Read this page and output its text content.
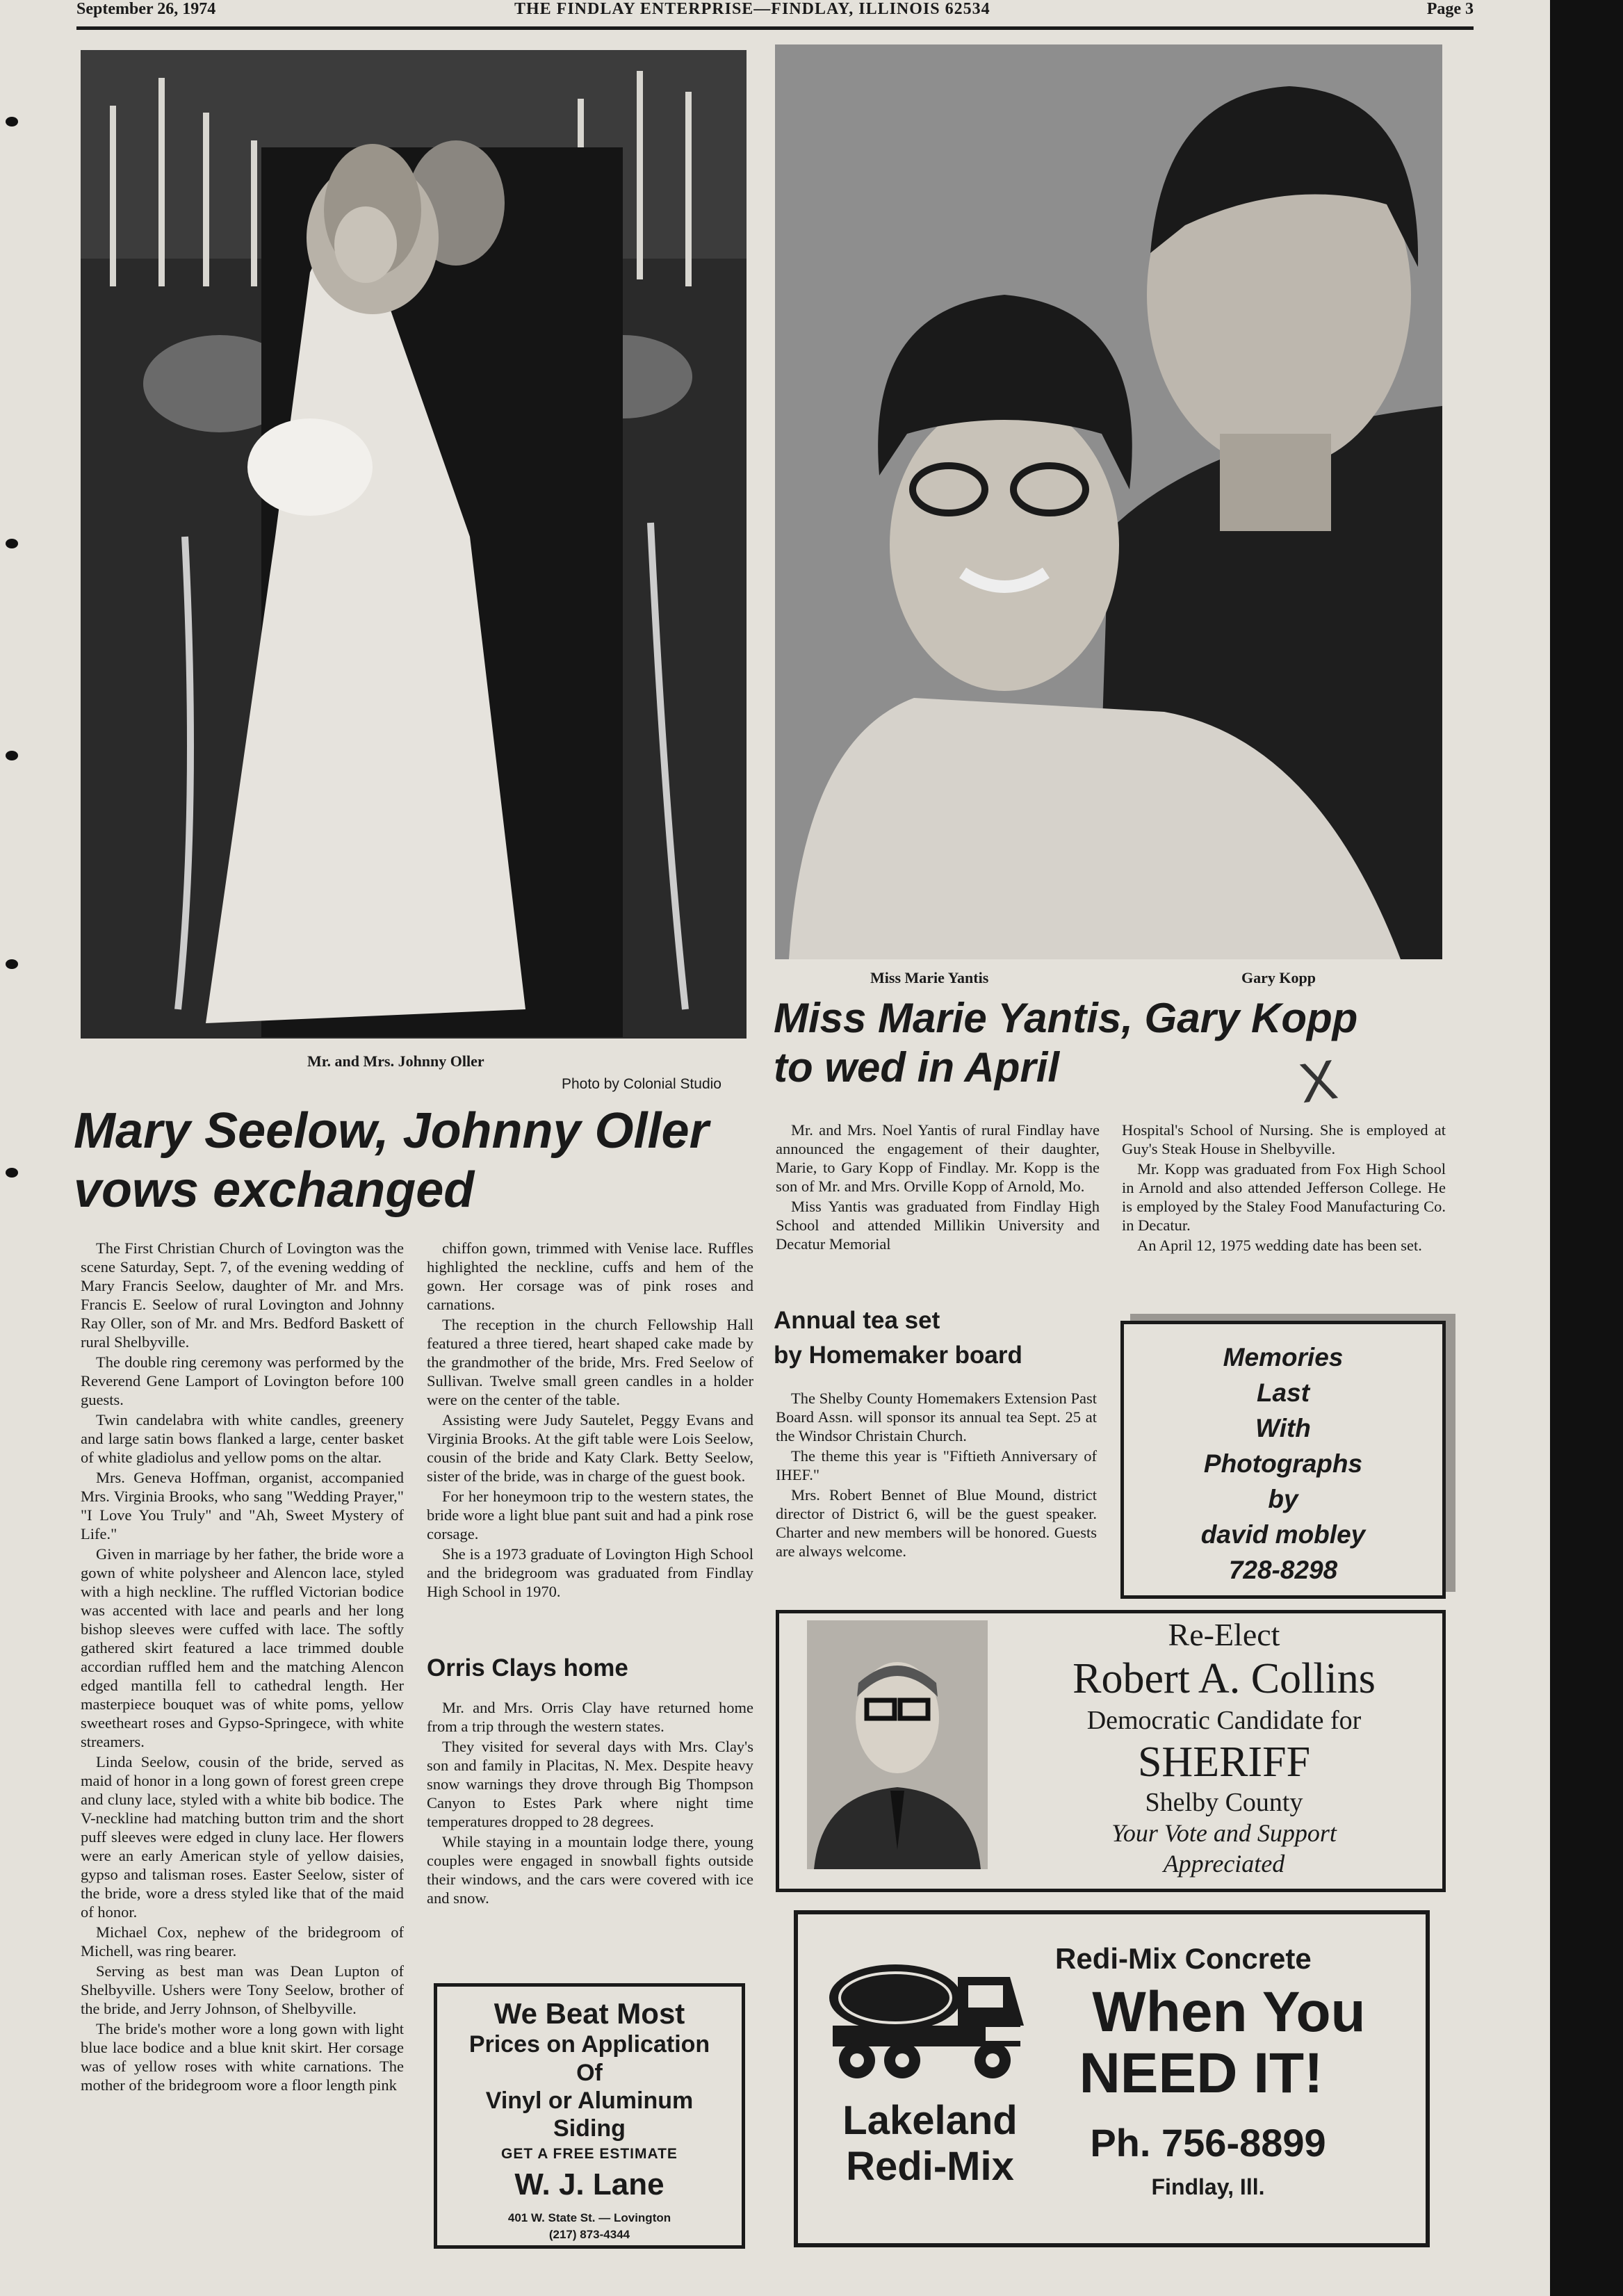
September 26, 1974	THE FINDLAY ENTERPRISE—FINDLAY, ILLINOIS 62534	Page 3
Mr. and Mrs. Johnny Oller
Photo by Colonial Studio
Mary Seelow, Johnny Oller vows exchanged

The First Christian Church of Lovington was the scene Saturday, Sept. 7, of the evening wedding of Mary Francis Seelow, daughter of Mr. and Mrs. Francis E. Seelow of rural Lovington and Johnny Ray Oller, son of Mr. and Mrs. Bedford Baskett of rural Shelbyville.

The double ring ceremony was performed by the Reverend Gene Lamport of Lovington before 100 guests.

Twin candelabra with white candles, greenery and large satin bows flanked a large, center basket of white gladiolus and yellow poms on the altar.

Mrs. Geneva Hoffman, organist, accompanied Mrs. Virginia Brooks, who sang "Wedding Prayer," "I Love You Truly" and "Ah, Sweet Mystery of Life."

Given in marriage by her father, the bride wore a gown of white polysheer and Alencon lace, styled with a high neckline. The ruffled Victorian bodice was accented with lace and pearls and her long bishop sleeves were cuffed with lace. The softly gathered skirt featured a lace trimmed double accordian ruffled hem and the matching Alencon edged mantilla fell to cathedral length. Her masterpiece bouquet was of white poms, yellow sweetheart roses and Gypso-Springece, with white streamers.

Linda Seelow, cousin of the bride, served as maid of honor in a long gown of forest green crepe and cluny lace, styled with a white bib bodice. The V-neckline had matching button trim and the short puff sleeves were edged in cluny lace. Her flowers were an early American style of yellow daisies, gypso and talisman roses. Easter Seelow, sister of the bride, wore a dress styled like that of the maid of honor.

Michael Cox, nephew of the bridegroom of Michell, was ring bearer.

Serving as best man was Dean Lupton of Shelbyville. Ushers were Tony Seelow, brother of the bride, and Jerry Johnson, of Shelbyville.

The bride's mother wore a long gown with light blue lace bodice and a blue knit skirt. Her corsage was of yellow roses with white carnations. The mother of the bridegroom wore a floor length pink

chiffon gown, trimmed with Venise lace. Ruffles highlighted the neckline, cuffs and hem of the gown. Her corsage was of pink roses and carnations.

The reception in the church Fellowship Hall featured a three tiered, heart shaped cake made by the grandmother of the bride, Mrs. Fred Seelow of Sullivan. Twelve small green candles in a holder were on the center of the table.

Assisting were Judy Sautelet, Peggy Evans and Virginia Brooks. At the gift table were Lois Seelow, cousin of the bride and Katy Clark. Betty Seelow, sister of the bride, was in charge of the guest book.

For her honeymoon trip to the western states, the bride wore a light blue pant suit and had a pink rose corsage.

She is a 1973 graduate of Lovington High School and the bridegroom was graduated from Findlay High School in 1970.

Orris Clays home

Mr. and Mrs. Orris Clay have returned home from a trip through the western states.

They visited for several days with Mrs. Clay's son and family in Placitas, N. Mex. Despite heavy snow warnings they drove through Big Thompson Canyon to Estes Park where night time temperatures dropped to 28 degrees.

While staying in a mountain lodge there, young couples were engaged in snowball fights outside their windows, and the cars were covered with ice and snow.

We Beat Most
Prices on Application
Of
Vinyl or Aluminum
Siding
GET A FREE ESTIMATE
W. J. Lane
401 W. State St. — Lovington
(217) 873-4344
Miss Marie Yantis	Gary Kopp
Miss Marie Yantis, Gary Kopp to wed in April	X

Mr. and Mrs. Noel Yantis of rural Findlay have announced the engagement of their daughter, Marie, to Gary Kopp of Findlay. Mr. Kopp is the son of Mr. and Mrs. Orville Kopp of Arnold, Mo.

Miss Yantis was graduated from Findlay High School and attended Millikin University and Decatur Memorial

Hospital's School of Nursing. She is employed at Guy's Steak House in Shelbyville.

Mr. Kopp was graduated from Fox High School in Arnold and also attended Jefferson College. He is employed by the Staley Food Manufacturing Co. in Decatur.

An April 12, 1975 wedding date has been set.

Annual tea set
by Homemaker board

The Shelby County Homemakers Extension Past Board Assn. will sponsor its annual tea Sept. 25 at the Windsor Christain Church.

The theme this year is "Fiftieth Anniversary of IHEF."

Mrs. Robert Bennet of Blue Mound, district director of District 6, will be the guest speaker. Charter and new members will be honored. Guests are always welcome.

Memories
Last
With
Photographs
by
david mobley
728-8298
Re-Elect
Robert A. Collins
Democratic Candidate for
SHERIFF
Shelby County
Your Vote and Support
Appreciated
Redi-Mix Concrete
When You
NEED IT!
Lakeland
Redi-Mix
Ph. 756-8899
Findlay, Ill.
